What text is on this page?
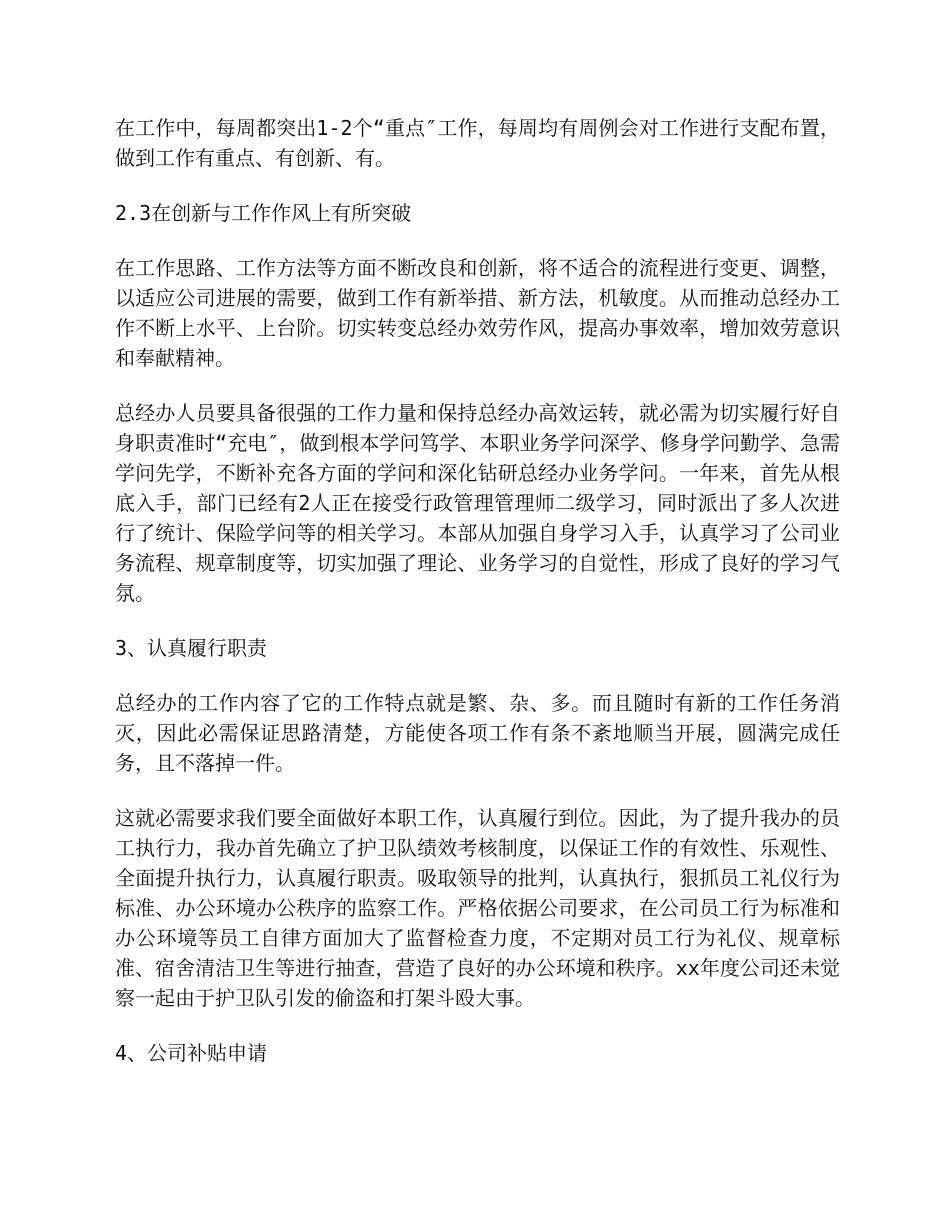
在工作中，每周都突出1-2个“重点″工作，每周均有周例会对工作进行支配布置，做到工作有重点、有创新、有。

2.3在创新与工作作风上有所突破

在工作思路、工作方法等方面不断改良和创新，将不适合的流程进行变更、调整，以适应公司进展的需要，做到工作有新举措、新方法，机敏度。从而推动总经办工作不断上水平、上台阶。切实转变总经办效劳作风，提高办事效率，增加效劳意识和奉献精神。

总经办人员要具备很强的工作力量和保持总经办高效运转，就必需为切实履行好自身职责准时“充电″，做到根本学问笃学、本职业务学问深学、修身学问勤学、急需学问先学，不断补充各方面的学问和深化钻研总经办业务学问。一年来，首先从根底入手，部门已经有2人正在接受行政管理管理师二级学习，同时派出了多人次进行了统计、保险学问等的相关学习。本部从加强自身学习入手，认真学习了公司业务流程、规章制度等，切实加强了理论、业务学习的自觉性，形成了良好的学习气氛。

3、认真履行职责

总经办的工作内容了它的工作特点就是繁、杂、多。而且随时有新的工作任务消灭，因此必需保证思路清楚，方能使各项工作有条不紊地顺当开展，圆满完成任务，且不落掉一件。

这就必需要求我们要全面做好本职工作，认真履行到位。因此，为了提升我办的员工执行力，我办首先确立了护卫队绩效考核制度，以保证工作的有效性、乐观性、全面提升执行力，认真履行职责。吸取领导的批判，认真执行，狠抓员工礼仪行为标准、办公环境办公秩序的监察工作。严格依据公司要求，在公司员工行为标准和办公环境等员工自律方面加大了监督检查力度，不定期对员工行为礼仪、规章标准、宿舍清洁卫生等进行抽查，营造了良好的办公环境和秩序。xx年度公司还未觉察一起由于护卫队引发的偷盗和打架斗殴大事。

4、公司补贴申请
